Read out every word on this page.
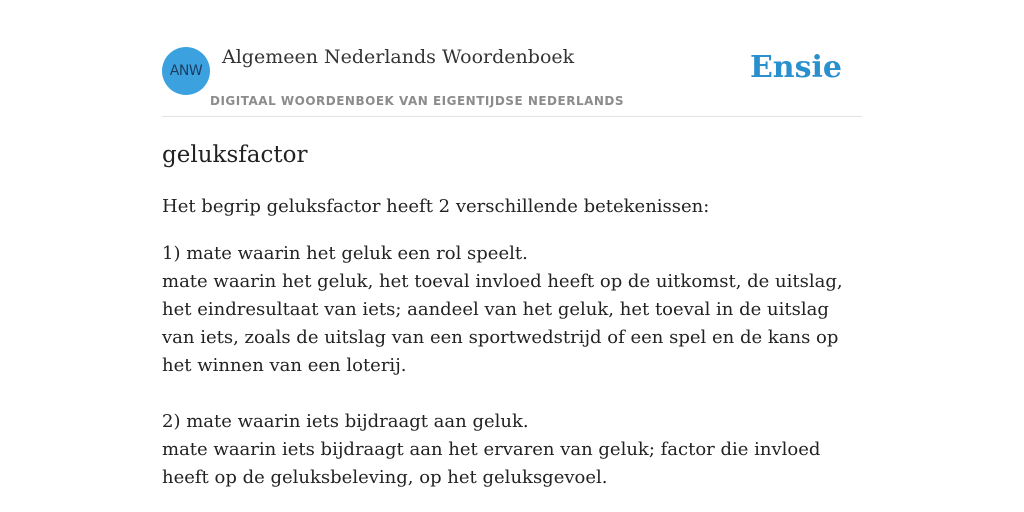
ANW
Algemeen Nederlands Woordenboek
DIGITAAL WOORDENBOEK VAN EIGENTIJDSE NEDERLANDS
Ensie
geluksfactor

Het begrip geluksfactor heeft 2 verschillende betekenissen:

1) mate waarin het geluk een rol speelt.
mate waarin het geluk, het toeval invloed heeft op de uitkomst, de uitslag, het eindresultaat van iets; aandeel van het geluk, het toeval in de uitslag van iets, zoals de uitslag van een sportwedstrijd of een spel en de kans op het winnen van een loterij.

2) mate waarin iets bijdraagt aan geluk.
mate waarin iets bijdraagt aan het ervaren van geluk; factor die invloed heeft op de geluksbeleving, op het geluksgevoel.
